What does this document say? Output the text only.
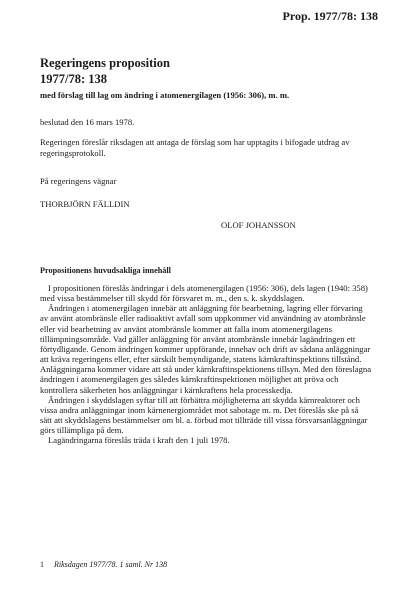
Prop. 1977/78: 138
Regeringens proposition
1977/78: 138
med förslag till lag om ändring i atomenergilagen (1956: 306), m. m.
beslutad den 16 mars 1978.
Regeringen föreslår riksdagen att antaga de förslag som har upptagits i bifogade utdrag av regeringsprotokoll.
På regeringens vägnar
THORBJÖRN FÄLLDIN
OLOF JOHANSSON
Propositionens huvudsakliga innehåll

I propositionen föreslås ändringar i dels atomenergilagen (1956: 306), dels lagen (1940: 358) med vissa bestämmelser till skydd för försvaret m. m., den s. k. skyddslagen.

Ändringen i atomenergilagen innebär att anläggning för bearbetning, lagring eller förvaring av använt atombränsle eller radioaktivt avfall som uppkommer vid användning av atombränsle eller vid bearbetning av använt atombränsle kommer att falla inom atomenergilagens tillämpningsområde. Vad gäller anläggning för använt atombränsle innebär lagändringen ett förtydligande. Genom ändringen kommer uppförande, innehav och drift av sådana anläggningar att kräva regeringens eller, efter särskilt bemyndigande, statens kärnkraftinspektions tillstånd. Anläggningarna kommer vidare att stå under kärnkraftinspektionens tillsyn. Med den föreslagna ändringen i atomenergilagen ges således kärnkraftinspektionen möjlighet att pröva och kontrollera säkerheten hos anläggningar i kärnkraftens hela processkedja.

Ändringen i skyddslagen syftar till att förbättra möjligheterna att skydda kärnreaktorer och vissa andra anläggningar inom kärnenergiområdet mot sabotage m. m. Det föreslås ske på så sätt att skyddslagens bestämmelser om bl. a. förbud mot tillträde till vissa försvarsanläggningar görs tillämpliga på dem.

Lagändringarna föreslås träda i kraft den 1 juli 1978.

1 Riksdagen 1977/78. 1 saml. Nr 138
